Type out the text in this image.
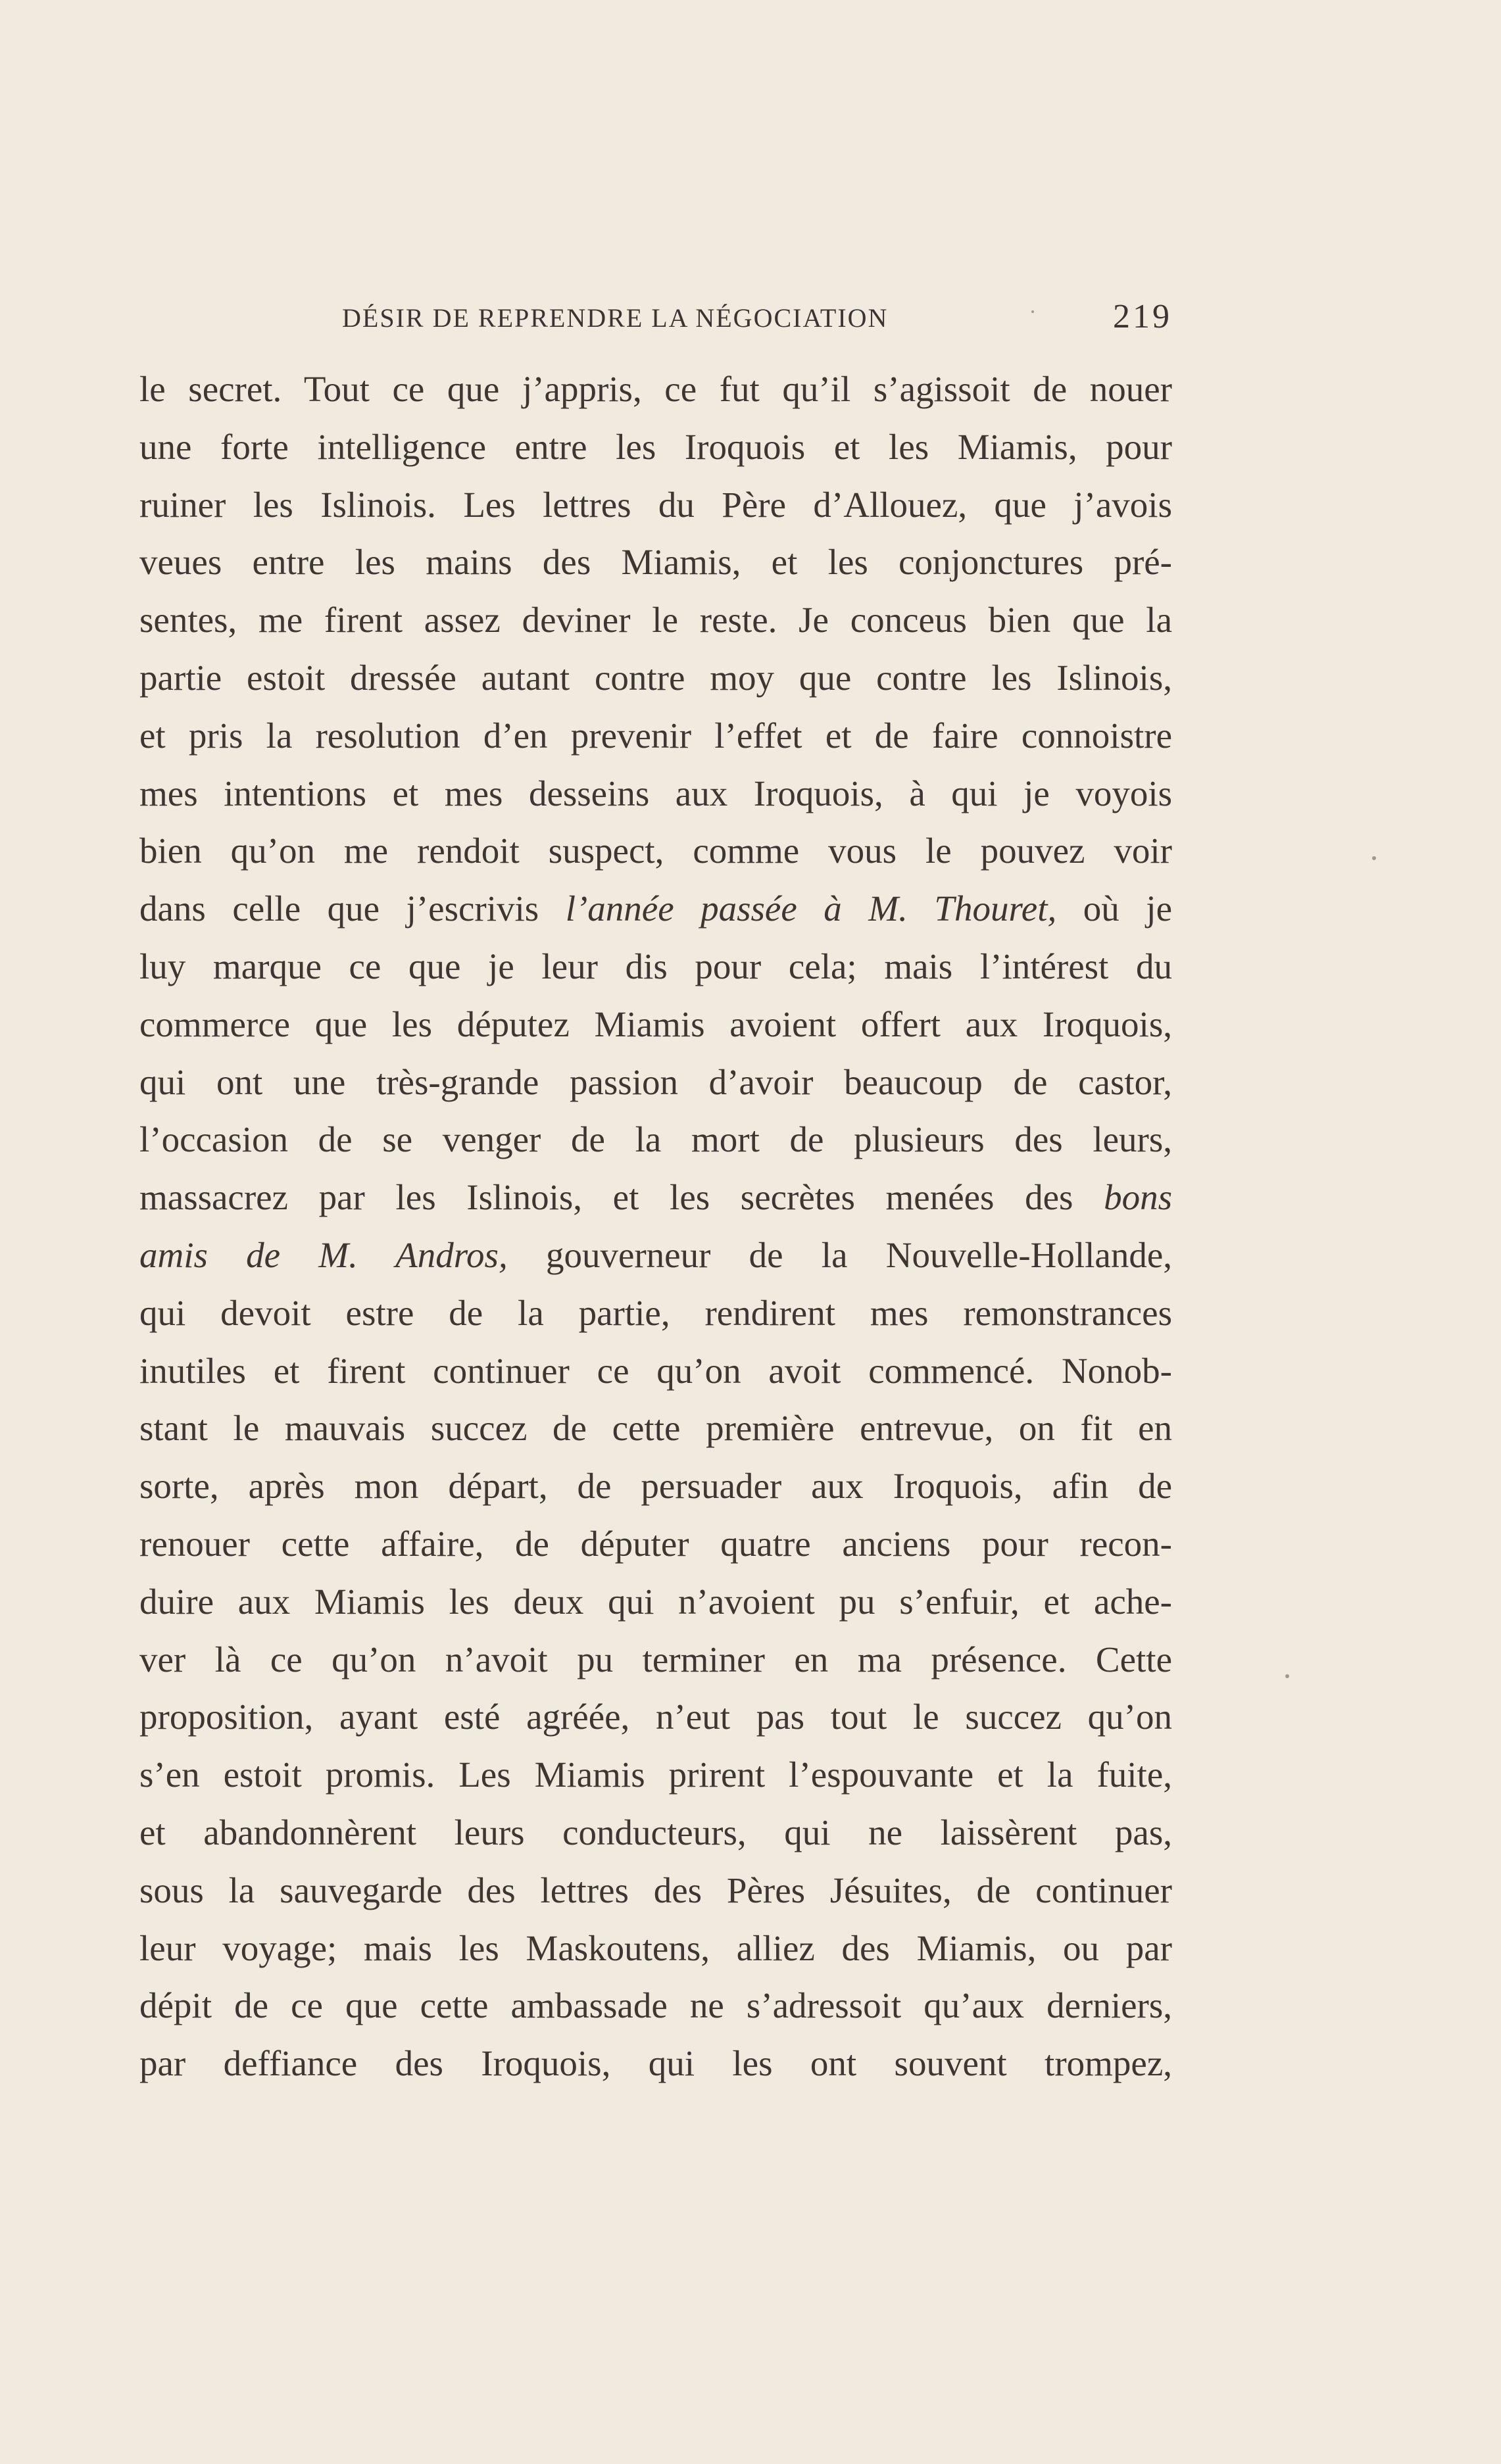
DÉSIR DE REPRENDRE LA NÉGOCIATION	219
le secret. Tout ce que j’appris, ce fut qu’il s’agissoit de nouer
une forte intelligence entre les Iroquois et les Miamis, pour
ruiner les Islinois. Les lettres du Père d’Allouez, que j’avois
veues entre les mains des Miamis, et les conjonctures pré-
sentes, me firent assez deviner le reste. Je conceus bien que la
partie estoit dressée autant contre moy que contre les Islinois,
et pris la resolution d’en prevenir l’effet et de faire connoistre
mes intentions et mes desseins aux Iroquois, à qui je voyois
bien qu’on me rendoit suspect, comme vous le pouvez voir
dans celle que j’escrivis l’année passée à M. Thouret, où je
luy marque ce que je leur dis pour cela; mais l’intérest du
commerce que les députez Miamis avoient offert aux Iroquois,
qui ont une très-grande passion d’avoir beaucoup de castor,
l’occasion de se venger de la mort de plusieurs des leurs,
massacrez par les Islinois, et les secrètes menées des bons
amis de M. Andros, gouverneur de la Nouvelle-Hollande,
qui devoit estre de la partie, rendirent mes remonstrances
inutiles et firent continuer ce qu’on avoit commencé. Nonob-
stant le mauvais succez de cette première entrevue, on fit en
sorte, après mon départ, de persuader aux Iroquois, afin de
renouer cette affaire, de députer quatre anciens pour recon-
duire aux Miamis les deux qui n’avoient pu s’enfuir, et ache-
ver là ce qu’on n’avoit pu terminer en ma présence. Cette
proposition, ayant esté agréée, n’eut pas tout le succez qu’on
s’en estoit promis. Les Miamis prirent l’espouvante et la fuite,
et abandonnèrent leurs conducteurs, qui ne laissèrent pas,
sous la sauvegarde des lettres des Pères Jésuites, de continuer
leur voyage; mais les Maskoutens, alliez des Miamis, ou par
dépit de ce que cette ambassade ne s’adressoit qu’aux derniers,
par deffiance des Iroquois, qui les ont souvent trompez,
